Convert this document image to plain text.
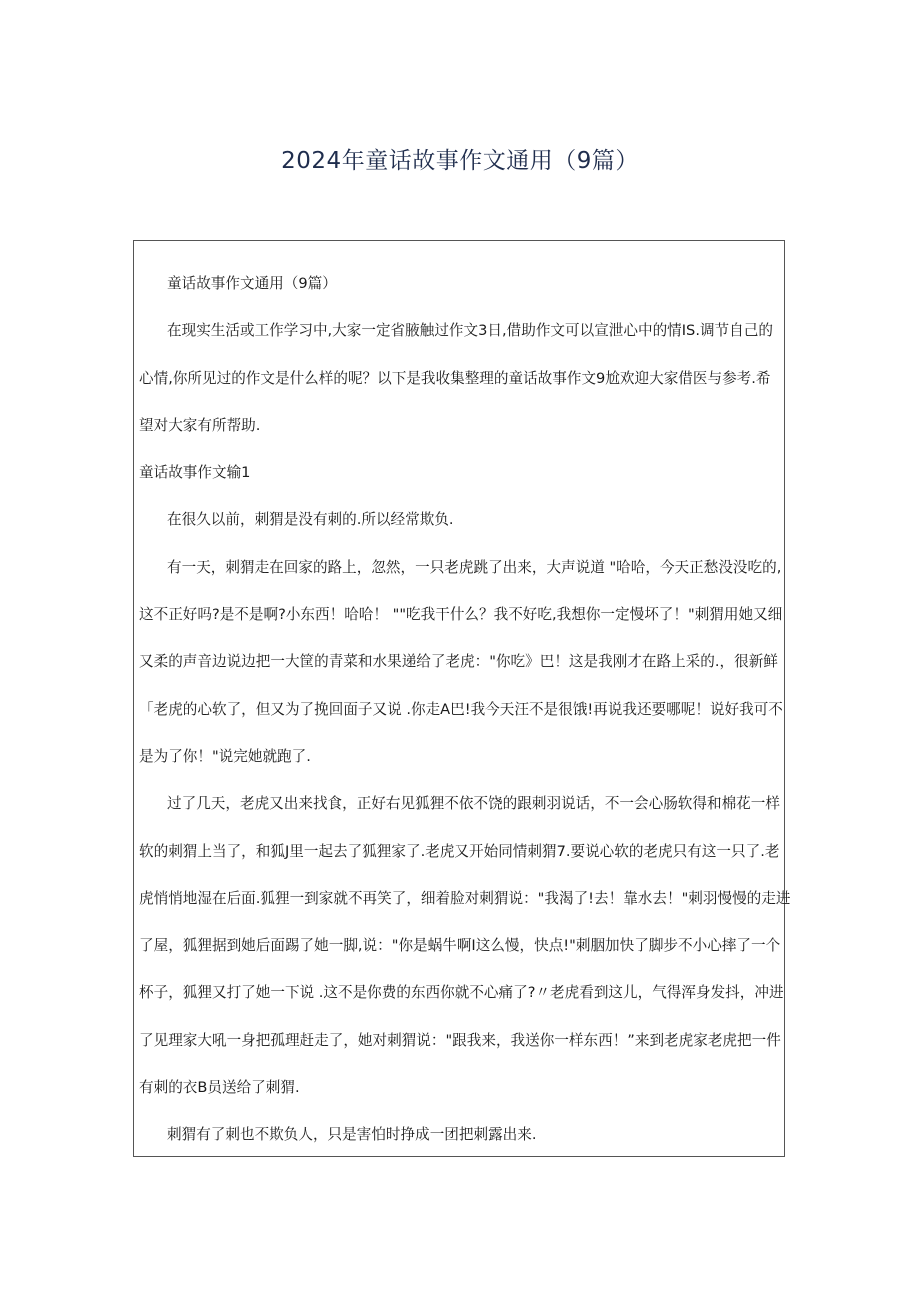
2024年童话故事作文通用（9篇）

童话故事作文通用（9篇）

在现实生活或工作学习中,大家一定省腋触过作文3日,借助作文可以宣泄心中的情IS.调节自己的

心情,你所见过的作文是什么样的呢？以下是我收集整理的童话故事作文9尬欢迎大家借医与参考.希

望对大家有所帮助.

童话故事作文输1

在很久以前，刺猬是没有刺的.所以经常欺负.

有一天，刺猬走在回家的路上，忽然，一只老虎跳了出来，大声说道 "哈哈，今天正愁没没吃的,

这不正好吗?是不是啊?小东西！哈哈！ ""吃我干什么？我不好吃,我想你一定慢坏了！"刺猬用她又细

又柔的声音边说边把一大筐的青菜和水果递给了老虎："你吃》巴！这是我刚才在路上采的.，很新鲜

「老虎的心软了，但又为了挽回面子又说 .你走A巴!我今天汪不是很饿!再说我还要哪呢！说好我可不

是为了你！"说完她就跑了.

过了几天，老虎又出来找食，正好右见狐狸不依不饶的跟刺羽说话，不一会心肠软得和棉花一样

软的刺猬上当了，和狐J里一起去了狐狸家了.老虎又开始同情刺猬7.要说心软的老虎只有这一只了.老

虎悄悄地湿在后面.狐狸一到家就不再笑了，细着脸对刺猬说："我渴了!去！靠水去！"刺羽慢慢的走进

了屋，狐狸据到她后面踢了她一脚,说："你是蜗牛啊I这么慢，快点!"刺胭加快了脚步不小心摔了一个

杯子，狐狸又打了她一下说 .这不是你费的东西你就不心痛了?〃老虎看到这儿，气得浑身发抖，冲进

了见理家大吼一身把孤理赶走了，她对刺猬说："跟我来，我送你一样东西！”来到老虎家老虎把一件

有刺的衣B员送给了刺猬.

刺猬有了刺也不欺负人，只是害怕时挣成一团把刺露出来.
